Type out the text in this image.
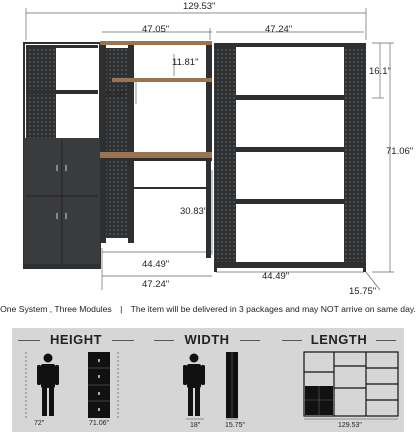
129.53"
47.05"	47.24"
11.81"
8.66"
16.1"
71.06"
30.83"
44.49"
44.49"
47.24"
15.75"
One System , Three Modules | The item will be delivered in 3 packages and may NOT arrive on same day.
HEIGHT
72"	71.06"
WIDTH
18"	15.75"
LENGTH
129.53"
